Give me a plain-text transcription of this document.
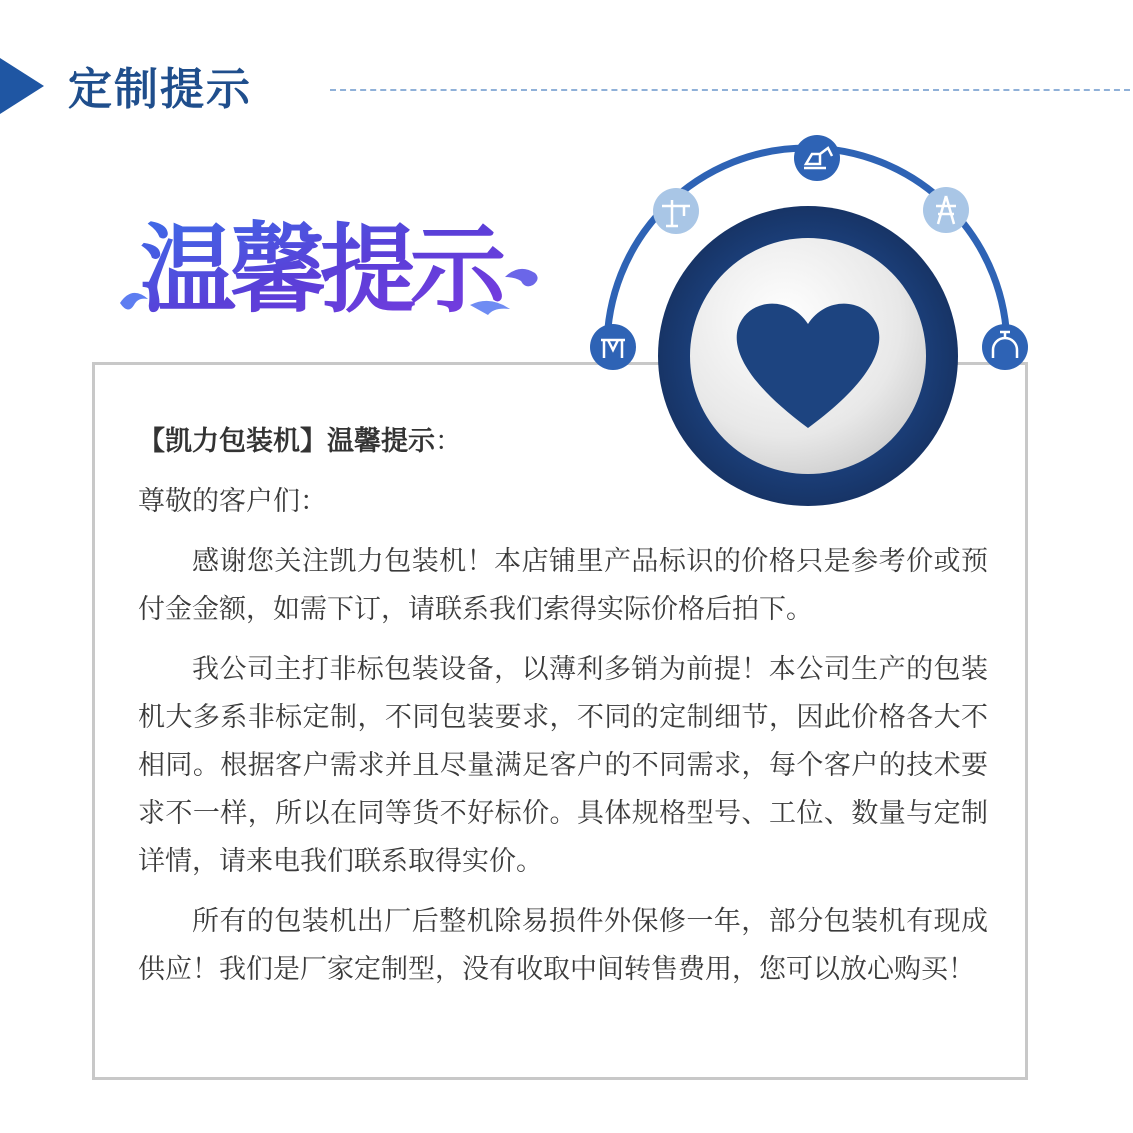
定制提示
温馨提示

【凯力包装机】温馨提示：

尊敬的客户们：

感谢您关注凯力包装机！本店铺里产品标识的价格只是参考价或预付金金额，如需下订，请联系我们索得实际价格后拍下。

我公司主打非标包装设备，以薄利多销为前提！本公司生产的包装机大多系非标定制，不同包装要求，不同的定制细节，因此价格各大不相同。根据客户需求并且尽量满足客户的不同需求，每个客户的技术要求不一样，所以在同等货不好标价。具体规格型号、工位、数量与定制详情，请来电我们联系取得实价。

所有的包装机出厂后整机除易损件外保修一年，部分包装机有现成供应！我们是厂家定制型，没有收取中间转售费用，您可以放心购买！
